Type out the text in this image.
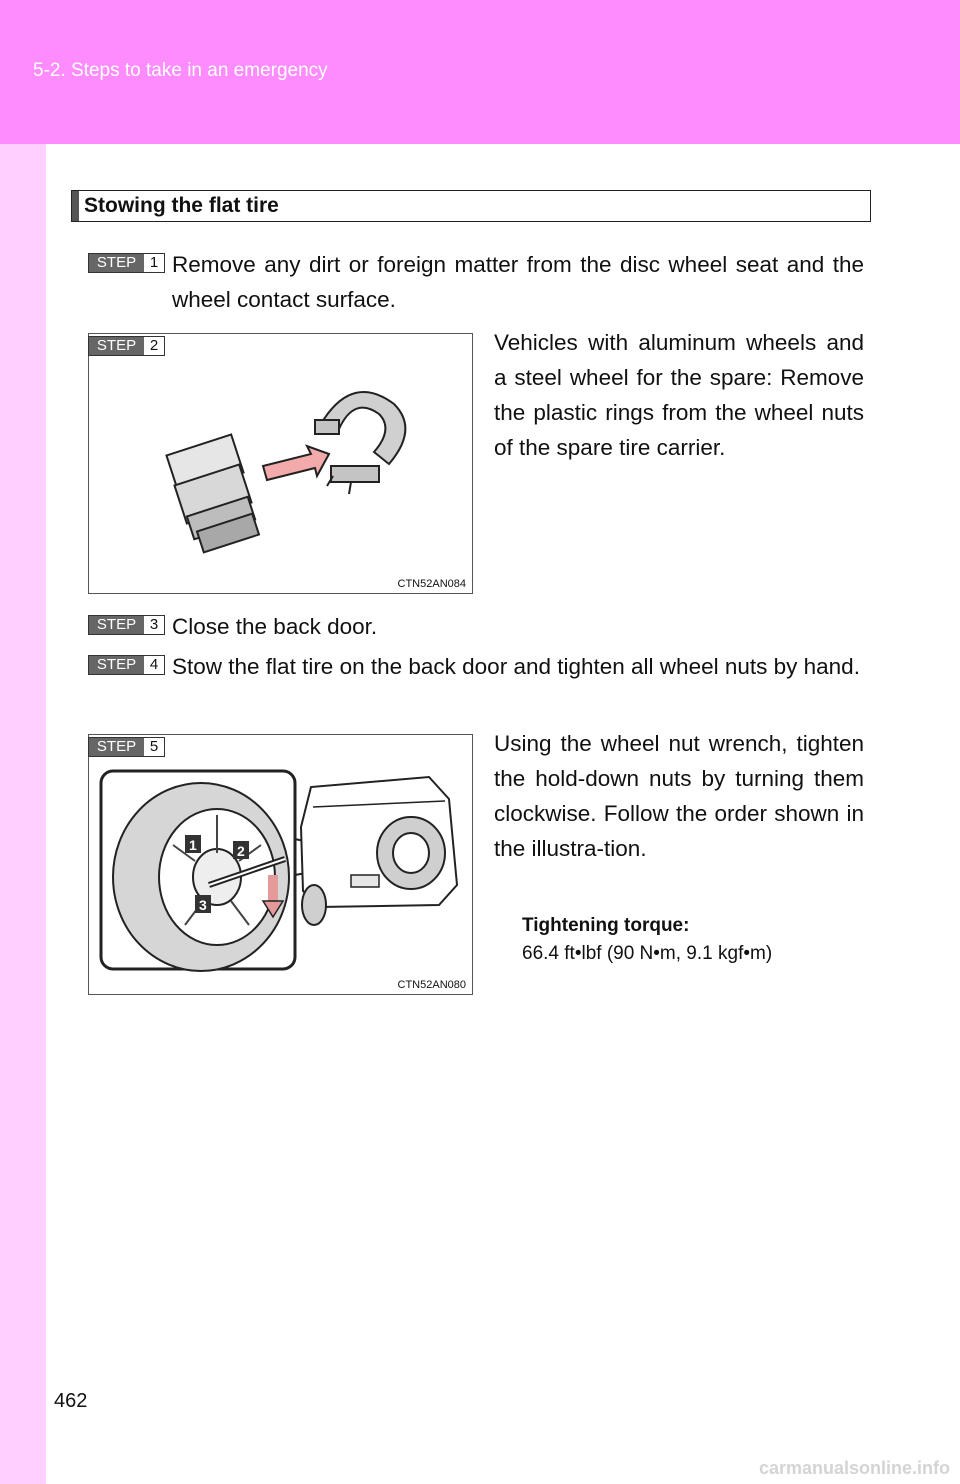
5-2. Steps to take in an emergency
Stowing the flat tire
STEP 1 Remove any dirt or foreign matter from the disc wheel seat and the wheel contact surface.
CTN52AN084
STEP 2	Vehicles with aluminum wheels and a steel wheel for the spare: Remove the plastic rings from the wheel nuts of the spare tire carrier.
STEP 3 Close the back door.
STEP 4 Stow the flat tire on the back door and tighten all wheel nuts by hand.
1	2
3
CTN52AN080
STEP 5	Using the wheel nut wrench, tighten the hold-down nuts by turning them clockwise. Follow the order shown in the illustra-tion.
Tightening torque:
66.4 ft•lbf (90 N•m, 9.1 kgf•m)
462
carmanualsonline.info
